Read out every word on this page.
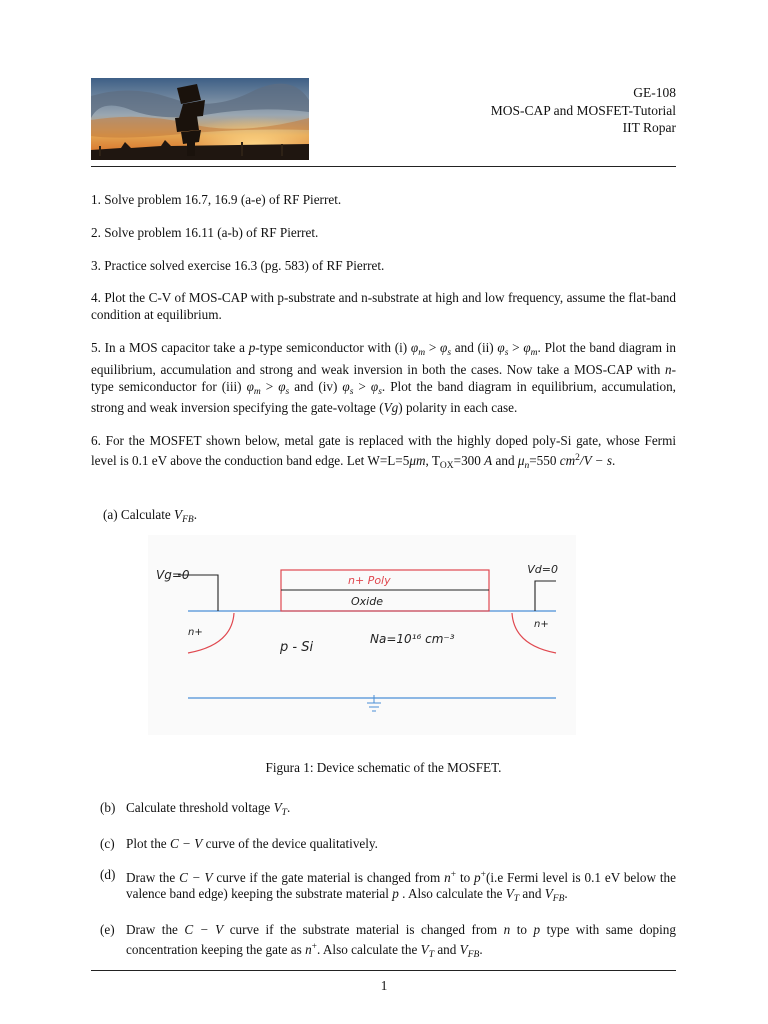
GE-108
MOS-CAP and MOSFET-Tutorial
IIT Ropar

1. Solve problem 16.7, 16.9 (a-e) of RF Pierret.

2. Solve problem 16.11 (a-b) of RF Pierret.

3. Practice solved exercise 16.3 (pg. 583) of RF Pierret.

4. Plot the C-V of MOS-CAP with p-substrate and n-substrate at high and low frequency, assume the flat-band condition at equilibrium.

5. In a MOS capacitor take a p-type semiconductor with (i) $\varphi_m > \varphi_s$ and (ii) $\varphi_s > \varphi_m$. Plot the band diagram in equilibrium, accumulation and strong and weak inversion in both the cases. Now take a MOS-CAP with n-type semiconductor for (iii) $\varphi_m > \varphi_s$ and (iv) $\varphi_s > \varphi_s$. Plot the band diagram in equilibrium, accumulation, strong and weak inversion specifying the gate-voltage (Vg) polarity in each case.

6. For the MOSFET shown below, metal gate is replaced with the highly doped poly-Si gate, whose Fermi level is 0.1 eV above the conduction band edge. Let W=L=5μm, $T_{OX}=300$ A and $\mu_n=550$ $cm^2/V - s$.

(a) Calculate $V_{FB}$.
n+ Poly
Oxide
Vg=0	Vd=0
n+
n+
p - Si
Na=10¹⁶ cm⁻³
Figura 1: Device schematic of the MOSFET.
(b) Calculate threshold voltage $V_T$.
(c) Plot the C − V curve of the device qualitatively.
(d) Draw the C − V curve if the gate material is changed from n+ to p+(i.e Fermi level is 0.1 eV below the valence band edge) keeping the substrate material p . Also calculate the $V_T$ and $V_{FB}$.
(e) Draw the C − V curve if the substrate material is changed from n to p type with same doping concentration keeping the gate as n+. Also calculate the $V_T$ and $V_{FB}$.
1
